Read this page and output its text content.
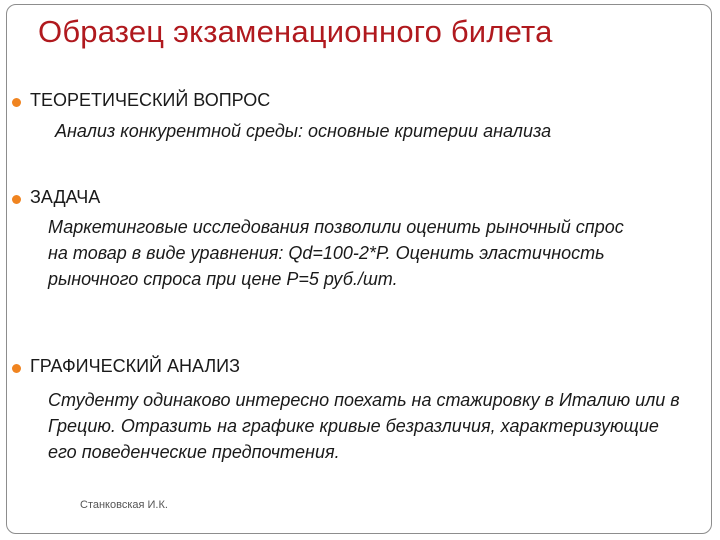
Образец экзаменационного билета
ТЕОРЕТИЧЕСКИЙ ВОПРОС
Анализ конкурентной среды: основные критерии анализа
ЗАДАЧА
Маркетинговые исследования позволили оценить рыночный спрос на товар в виде уравнения: Qd=100-2*P. Оценить эластичность рыночного спроса при цене P=5 руб./шт.
ГРАФИЧЕСКИЙ АНАЛИЗ
Студенту одинаково интересно поехать на стажировку в Италию или в Грецию. Отразить на графике кривые безразличия, характеризующие его поведенческие предпочтения.
Станковская И.К.
